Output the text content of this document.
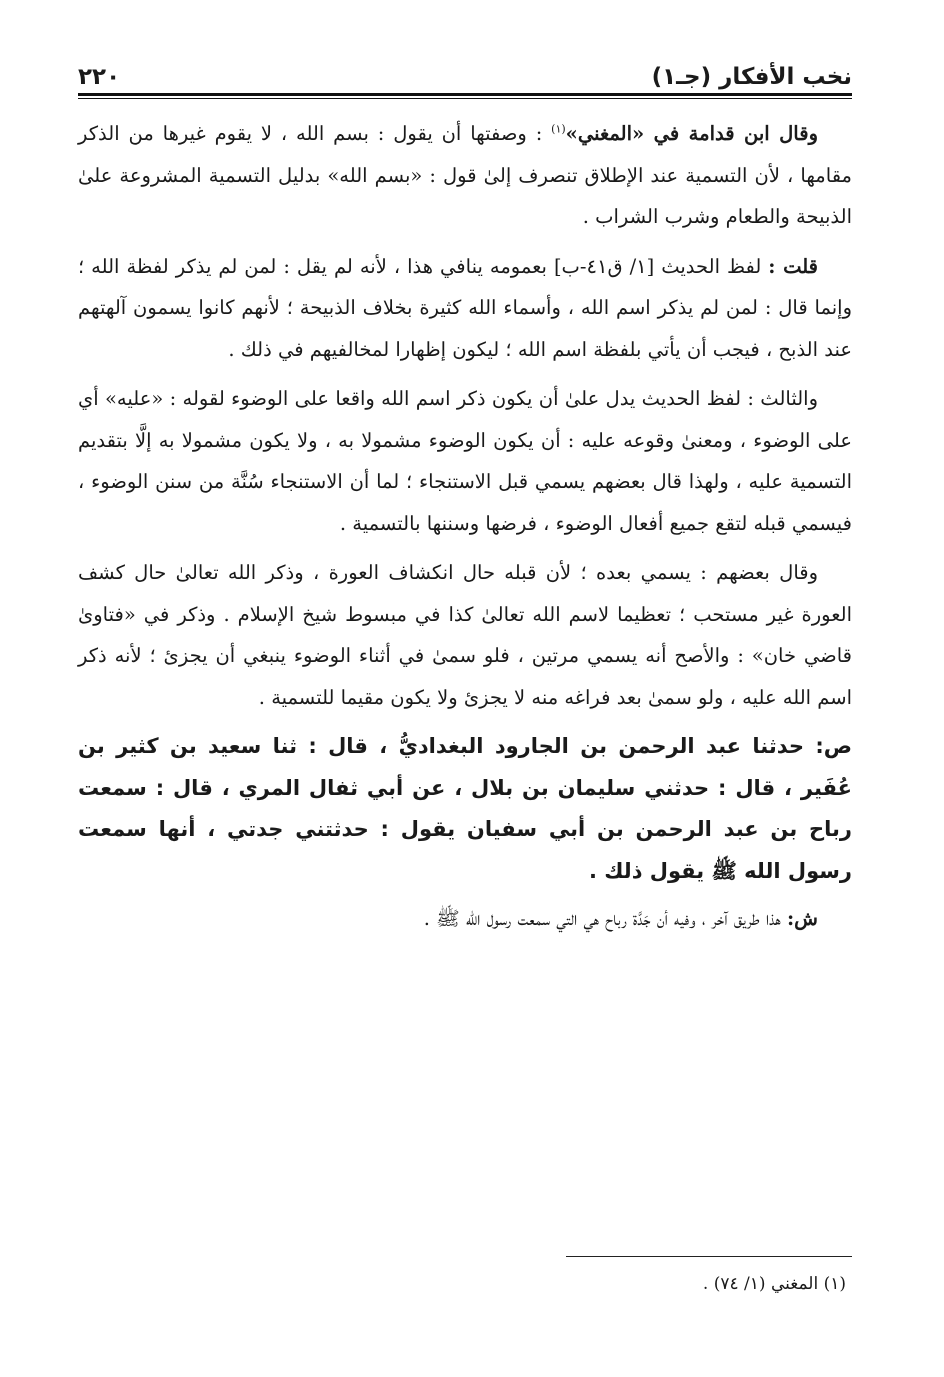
نخب الأفكار (جـ١)
٢٢٠

وقال ابن قدامة في «المغني»$^{(١)}$ : وصفتها أن يقول : بسم الله ، لا يقوم غيرها من الذكر مقامها ، لأن التسمية عند الإطلاق تنصرف إلىٰ قول : «بسم الله» بدليل التسمية المشروعة علىٰ الذبيحة والطعام وشرب الشراب .

قلت : لفظ الحديث [١/ ق٤١-ب] بعمومه ينافي هذا ، لأنه لم يقل : لمن لم يذكر لفظة الله ؛ وإنما قال : لمن لم يذكر اسم الله ، وأسماء الله كثيرة بخلاف الذبيحة ؛ لأنهم كانوا يسمون آلهتهم عند الذبح ، فيجب أن يأتي بلفظة اسم الله ؛ ليكون إظهارا لمخالفيهم في ذلك .

والثالث : لفظ الحديث يدل علىٰ أن يكون ذكر اسم الله واقعا على الوضوء لقوله : «عليه» أي على الوضوء ، ومعنىٰ وقوعه عليه : أن يكون الوضوء مشمولا به ، ولا يكون مشمولا به إلَّا بتقديم التسمية عليه ، ولهذا قال بعضهم يسمي قبل الاستنجاء ؛ لما أن الاستنجاء سُنَّة من سنن الوضوء ، فيسمي قبله لتقع جميع أفعال الوضوء ، فرضها وسننها بالتسمية .

وقال بعضهم : يسمي بعده ؛ لأن قبله حال انكشاف العورة ، وذكر الله تعالىٰ حال كشف العورة غير مستحب ؛ تعظيما لاسم الله تعالىٰ كذا في مبسوط شيخ الإسلام . وذكر في «فتاوىٰ قاضي خان» : والأصح أنه يسمي مرتين ، فلو سمىٰ في أثناء الوضوء ينبغي أن يجزئ ؛ لأنه ذكر اسم الله عليه ، ولو سمىٰ بعد فراغه منه لا يجزئ ولا يكون مقيما للتسمية .

ص: حدثنا عبد الرحمن بن الجارود البغداديُّ ، قال : ثنا سعيد بن كثير بن عُفَير ، قال : حدثني سليمان بن بلال ، عن أبي ثفال المري ، قال : سمعت رباح بن عبد الرحمن بن أبي سفيان يقول : حدثتني جدتي ، أنها سمعت رسول الله ﷺ يقول ذلك .

ش: هذا طريق آخر ، وفيه أن جَدَّة رباح هي التي سمعت رسول الله ﷺ .

(١) المغني (١/ ٧٤) .
